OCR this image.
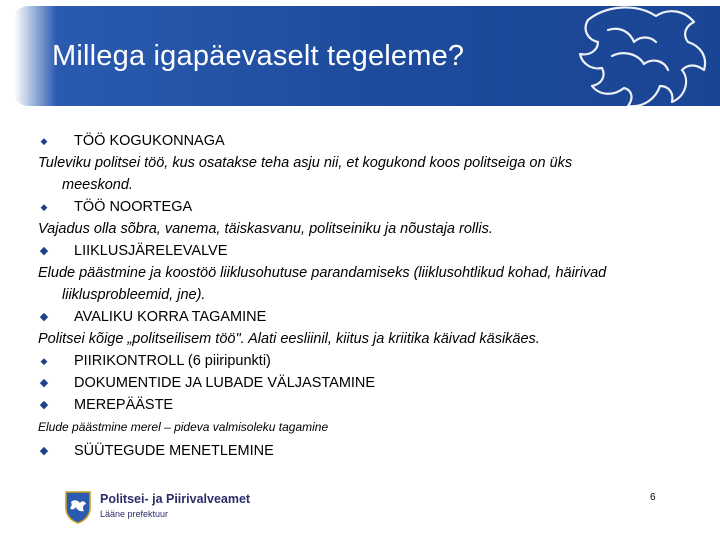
Millega igapäevaselt tegeleme?
◆	TÖÖ KOGUKONNAGA
Tuleviku politsei töö, kus osatakse teha asju nii, et kogukond koos politseiga on üks
meeskond.
◆	TÖÖ NOORTEGA
Vajadus olla sõbra, vanema, täiskasvanu, politseiniku ja nõustaja rollis.
◆	LIIKLUSJÄRELEVALVE
Elude päästmine ja koostöö liiklusohutuse parandamiseks (liiklusohtlikud kohad, häirivad
liiklusprobleemid, jne).
◆	AVALIKU KORRA TAGAMINE
Politsei kõige „politseilisem töö". Alati eesliinil, kiitus ja kriitika käivad käsikäes.
◆	PIIRIKONTROLL (6 piiripunkti)
◆	DOKUMENTIDE JA LUBADE VÄLJASTAMINE
◆	MEREPÄÄSTE
Elude päästmine merel – pideva valmisoleku tagamine
◆	SÜÜTEGUDE MENETLEMINE
Politsei- ja Piirivalveamet
Lääne prefektuur
6
